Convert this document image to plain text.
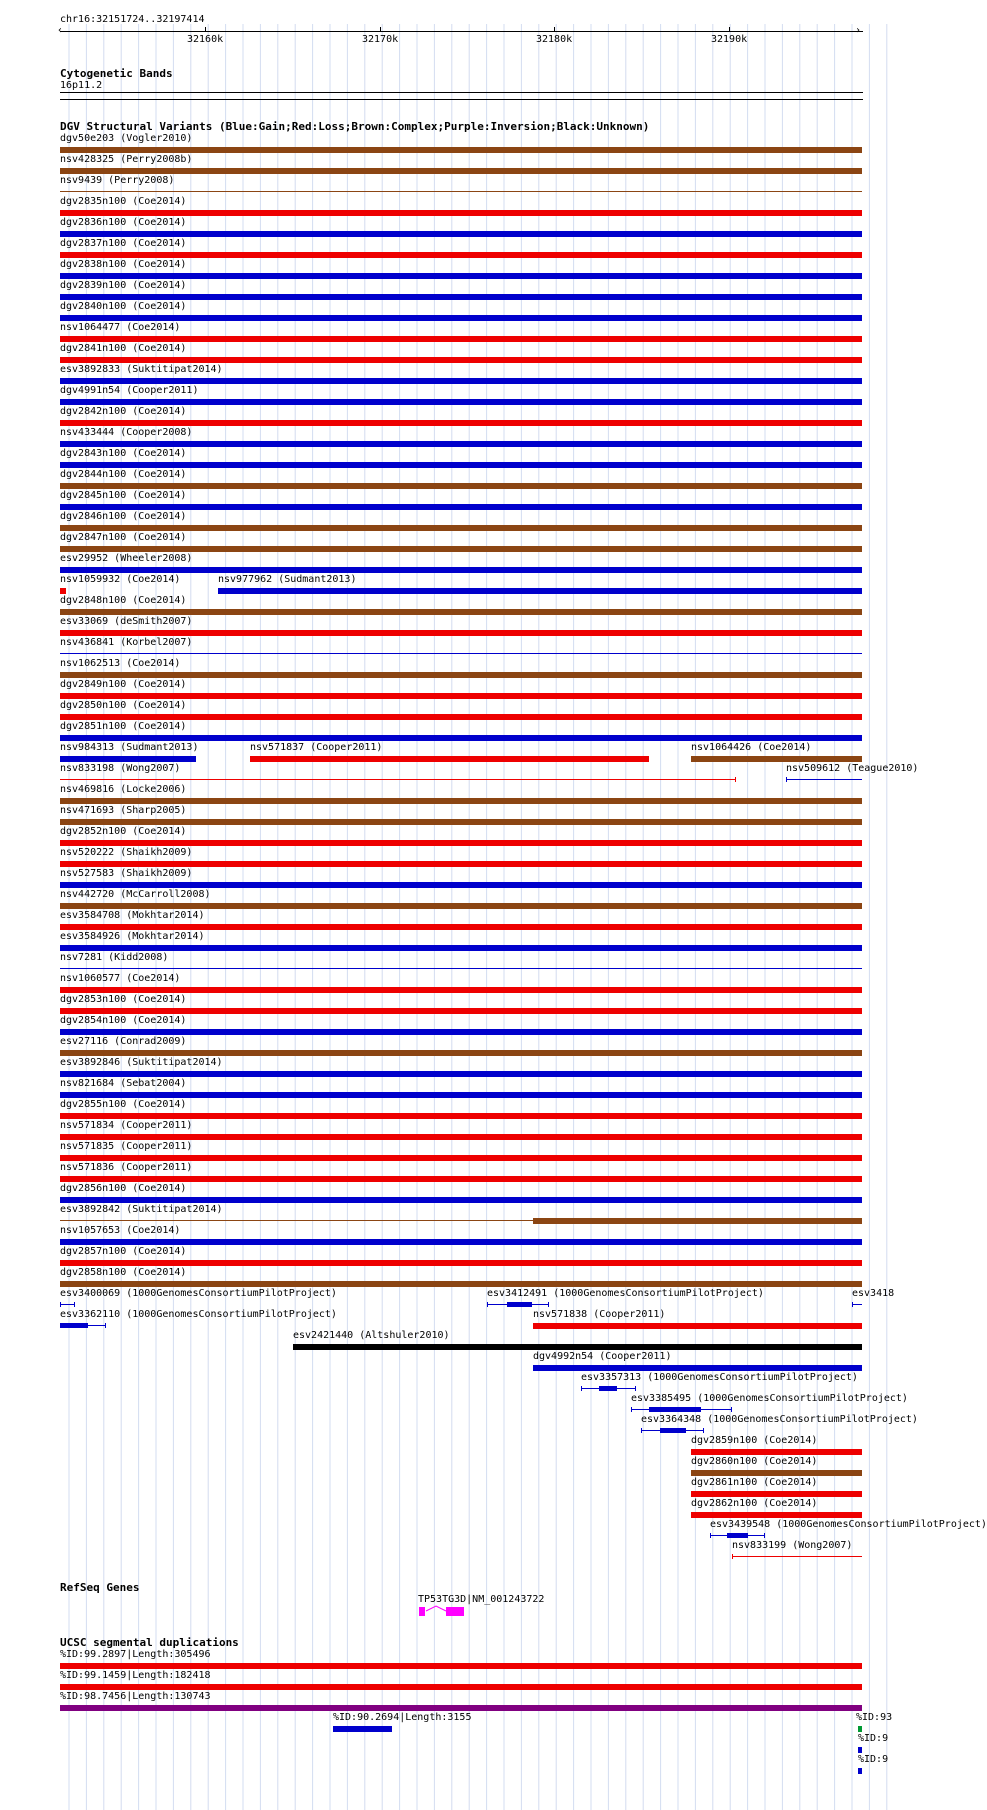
chr16:32151724..32197414
‹	›
32160k	32170k	32180k	32190k
Cytogenetic Bands
16p11.2
DGV Structural Variants (Blue:Gain;Red:Loss;Brown:Complex;Purple:Inversion;Black:Unknown)
dgv50e203 (Vogler2010)
nsv428325 (Perry2008b)
nsv9439 (Perry2008)
dgv2835n100 (Coe2014)
dgv2836n100 (Coe2014)
dgv2837n100 (Coe2014)
dgv2838n100 (Coe2014)
dgv2839n100 (Coe2014)
dgv2840n100 (Coe2014)
nsv1064477 (Coe2014)
dgv2841n100 (Coe2014)
esv3892833 (Suktitipat2014)
dgv4991n54 (Cooper2011)
dgv2842n100 (Coe2014)
nsv433444 (Cooper2008)
dgv2843n100 (Coe2014)
dgv2844n100 (Coe2014)
dgv2845n100 (Coe2014)
dgv2846n100 (Coe2014)
dgv2847n100 (Coe2014)
esv29952 (Wheeler2008)
nsv1059932 (Coe2014)	nsv977962 (Sudmant2013)
dgv2848n100 (Coe2014)
esv33069 (deSmith2007)
nsv436841 (Korbel2007)
nsv1062513 (Coe2014)
dgv2849n100 (Coe2014)
dgv2850n100 (Coe2014)
dgv2851n100 (Coe2014)
nsv984313 (Sudmant2013)	nsv571837 (Cooper2011)	nsv1064426 (Coe2014)
nsv833198 (Wong2007)	nsv509612 (Teague2010)
nsv469816 (Locke2006)
nsv471693 (Sharp2005)
dgv2852n100 (Coe2014)
nsv520222 (Shaikh2009)
nsv527583 (Shaikh2009)
nsv442720 (McCarroll2008)
esv3584708 (Mokhtar2014)
esv3584926 (Mokhtar2014)
nsv7281 (Kidd2008)
nsv1060577 (Coe2014)
dgv2853n100 (Coe2014)
dgv2854n100 (Coe2014)
esv27116 (Conrad2009)
esv3892846 (Suktitipat2014)
nsv821684 (Sebat2004)
dgv2855n100 (Coe2014)
nsv571834 (Cooper2011)
nsv571835 (Cooper2011)
nsv571836 (Cooper2011)
dgv2856n100 (Coe2014)
esv3892842 (Suktitipat2014)
nsv1057653 (Coe2014)
dgv2857n100 (Coe2014)
dgv2858n100 (Coe2014)
esv3400069 (1000GenomesConsortiumPilotProject)	esv3412491 (1000GenomesConsortiumPilotProject)	esv3418
esv3362110 (1000GenomesConsortiumPilotProject)	nsv571838 (Cooper2011)
esv2421440 (Altshuler2010)
dgv4992n54 (Cooper2011)
esv3357313 (1000GenomesConsortiumPilotProject)
esv3385495 (1000GenomesConsortiumPilotProject)
esv3364348 (1000GenomesConsortiumPilotProject)
dgv2859n100 (Coe2014)
dgv2860n100 (Coe2014)
dgv2861n100 (Coe2014)
dgv2862n100 (Coe2014)
esv3439548 (1000GenomesConsortiumPilotProject)
nsv833199 (Wong2007)
RefSeq Genes
TP53TG3D|NM_001243722
UCSC segmental duplications
%ID:99.2897|Length:305496
%ID:99.1459|Length:182418
%ID:98.7456|Length:130743
%ID:90.2694|Length:3155	%ID:93
%ID:9
%ID:9
